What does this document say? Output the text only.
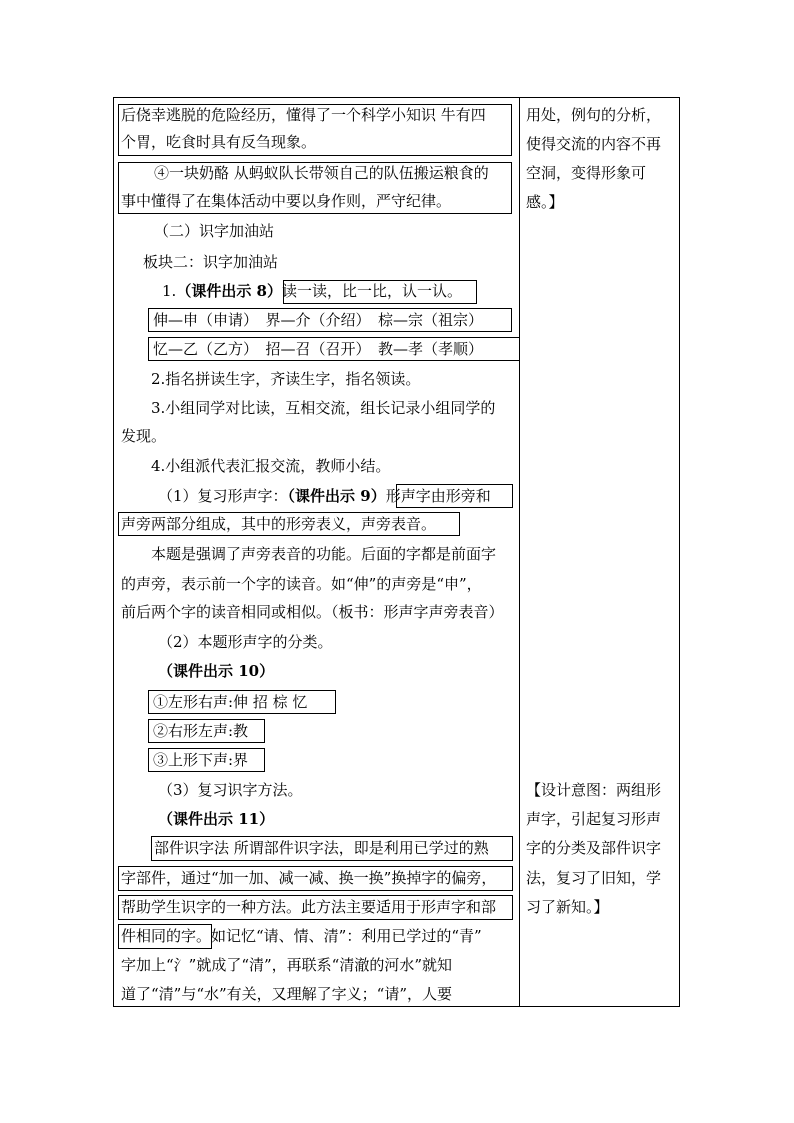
后侥幸逃脱的危险经历，懂得了一个科学小知识 牛有四
个胃，吃食时具有反刍现象。
④一块奶酪 从蚂蚁队长带领自己的队伍搬运粮食的
事中懂得了在集体活动中要以身作则，严守纪律。
（二）识字加油站
板块二：识字加油站
1.（课件出示 8）读一读，比一比，认一认。
伸—申（申请）　界—介（介绍）　棕—宗（祖宗）
忆—乙（乙方）　招—召（召开）　教—孝（孝顺）
2.指名拼读生字，齐读生字，指名领读。
3.小组同学对比读，互相交流，组长记录小组同学的
发现。
4.小组派代表汇报交流，教师小结。
（1）复习形声字：（课件出示 9）形声字由形旁和
声旁两部分组成，其中的形旁表义，声旁表音。
本题是强调了声旁表音的功能。后面的字都是前面字
的声旁，表示前一个字的读音。如“伸”的声旁是“申”，
前后两个字的读音相同或相似。（板书：形声字声旁表音）
（2）本题形声字的分类。
（课件出示 10）
①左形右声:伸 招 棕 忆
②右形左声:教
③上形下声:界
（3）复习识字方法。
（课件出示 11）
部件识字法 所谓部件识字法，即是利用已学过的熟
字部件，通过“加一加、减一减、换一换”换掉字的偏旁，
帮助学生识字的一种方法。此方法主要适用于形声字和部
件相同的字。如记忆“请、情、清”：利用已学过的“青”
字加上“氵”就成了“清”，再联系“清澈的河水”就知
道了“清”与“水”有关，又理解了字义；“请”，人要
用处，例句的分析，
使得交流的内容不再
空洞，变得形象可
感。】
【设计意图：两组形
声字，引起复习形声
字的分类及部件识字
法，复习了旧知，学
习了新知。】
